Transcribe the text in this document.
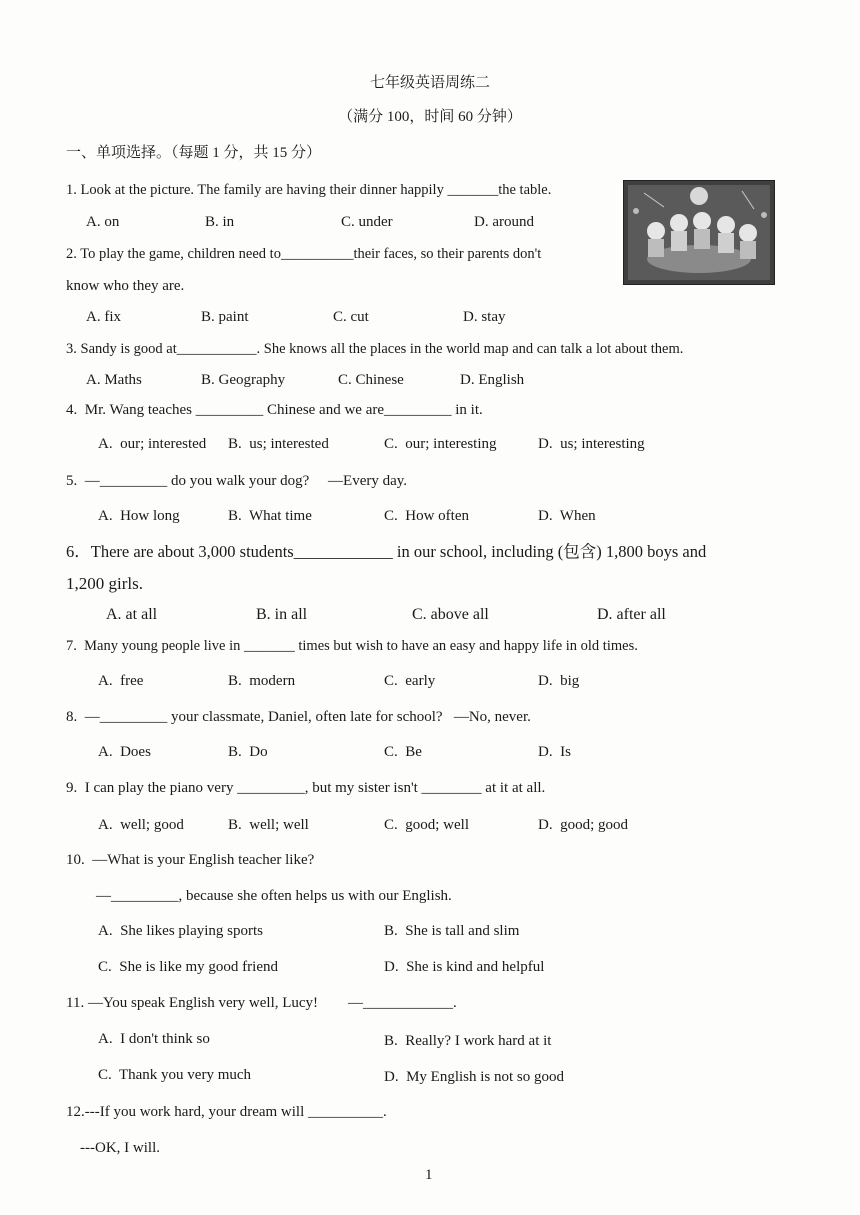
七年级英语周练二
（满分 100，时间 60 分钟）
一、单项选择。（每题 1 分，共 15 分）
1. Look at the picture. The family are having their dinner happily _______the table.
A. on	B. in	C. under	D. around
2. To play the game, children need to__________their faces, so their parents don't
know who they are.
A. fix	B. paint	C. cut	D. stay
3. Sandy is good at___________. She knows all the places in the world map and can talk a lot about them.
A. Maths	B. Geography	C. Chinese	D. English
4.  Mr. Wang teaches _________ Chinese and we are_________ in it.
A.  our; interested B.  us; interested	C.  our; interesting	D.  us; interesting
5.  —_________ do you walk your dog?     —Every day.
A.  How long	B.  What time	C.  How often	D.  When
6．There are about 3,000 students____________ in our school, including (包含) 1,800 boys and
1,200 girls.
A. at all	B. in all	C. above all	D. after all
7.  Many young people live in _______ times but wish to have an easy and happy life in old times.
A.  free	B.  modern	C.  early	D.  big
8.  —_________ your classmate, Daniel, often late for school?   —No, never.
A.  Does	B.  Do	C.  Be	D.  Is
9.  I can play the piano very _________, but my sister isn't ________ at it at all.
A.  well; good	B.  well; well	C.  good; well	D.  good; good
10.  —What is your English teacher like?
—_________, because she often helps us with our English.
A.  She likes playing sports	B.  She is tall and slim
C.  She is like my good friend	D.  She is kind and helpful
11. —You speak English very well, Lucy!        —____________.
A.  I don't think so	B.  Really? I work hard at it
C.  Thank you very much	D.  My English is not so good
12.---If you work hard, your dream will __________.
---OK, I will.
1
